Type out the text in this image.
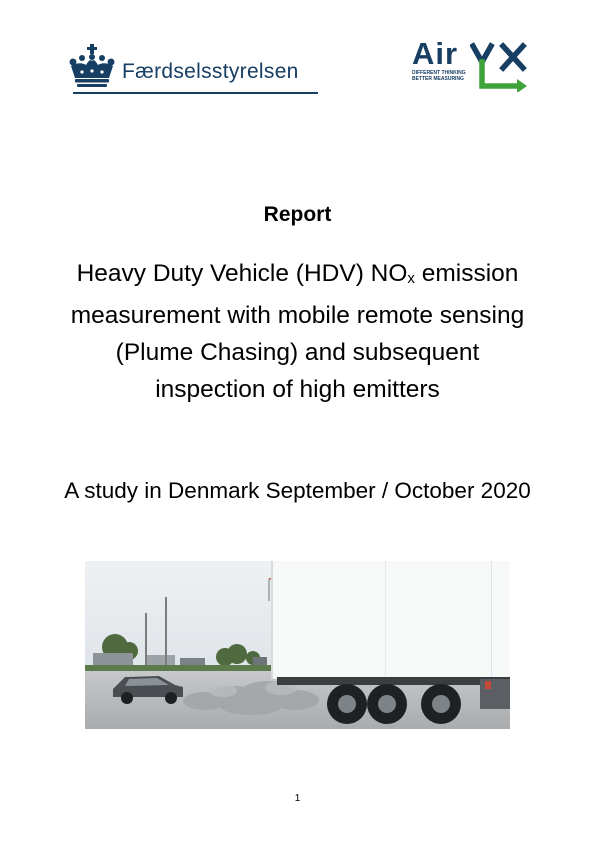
Færdselsstyrelsen
Air
DIFFERENT THINKING
BETTER MEASURING
Report
Heavy Duty Vehicle (HDV) NOx emission measurement with mobile remote sensing (Plume Chasing) and subsequent inspection of high emitters
A study in Denmark September / October 2020
1
